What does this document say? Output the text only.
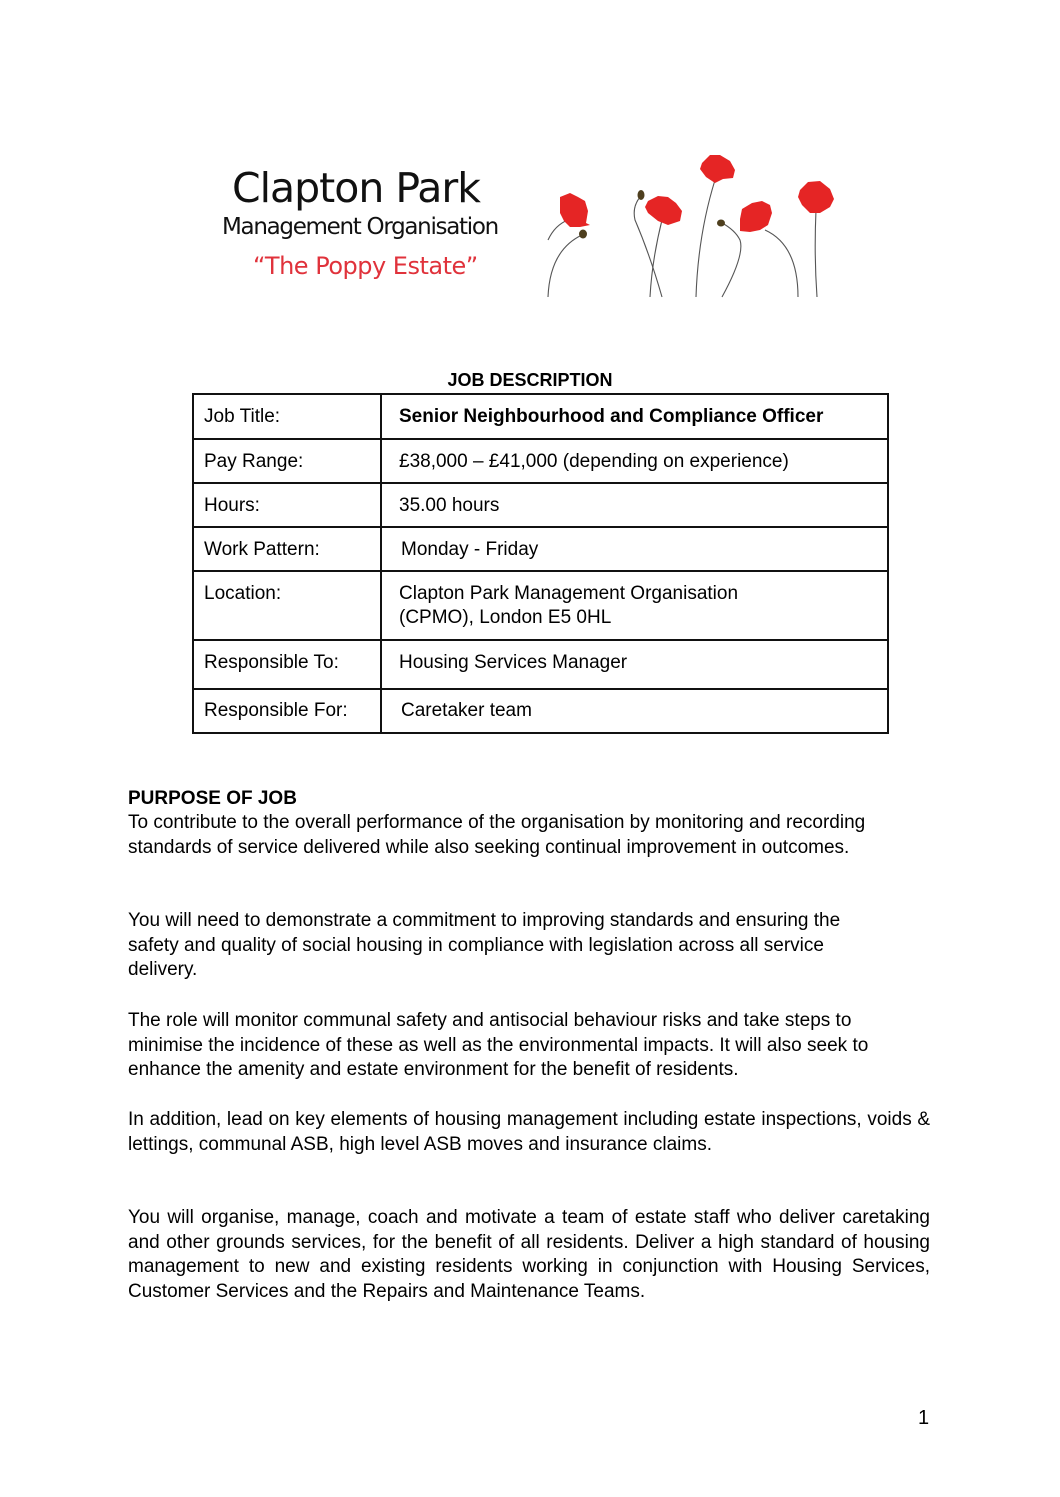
Clapton Park
Management Organisation
“The Poppy Estate”
JOB DESCRIPTION
Job Title:	Senior Neighbourhood and Compliance Officer
Pay Range:	£38,000 – £41,000 (depending on experience)
Hours:	35.00 hours
Work Pattern:	Monday - Friday
Location:	Clapton Park Management Organisation
(CPMO), London E5 0HL

Responsible To:	Housing Services Manager
Responsible For:	Caretaker team
PURPOSE OF JOB
To contribute to the overall performance of the organisation by monitoring and recording standards of service delivered while also seeking continual improvement in outcomes.
You will need to demonstrate a commitment to improving standards and ensuring the safety and quality of social housing in compliance with legislation across all service delivery.
The role will monitor communal safety and antisocial behaviour risks and take steps to minimise the incidence of these as well as the environmental impacts. It will also seek to enhance the amenity and estate environment for the benefit of residents.
In addition, lead on key elements of housing management including estate inspections, voids & lettings, communal ASB, high level ASB moves and insurance claims.
You will organise, manage, coach and motivate a team of estate staff who deliver caretaking and other grounds services, for the benefit of all residents. Deliver a high standard of housing management to new and existing residents working in conjunction with Housing Services, Customer Services and the Repairs and Maintenance Teams.
1
